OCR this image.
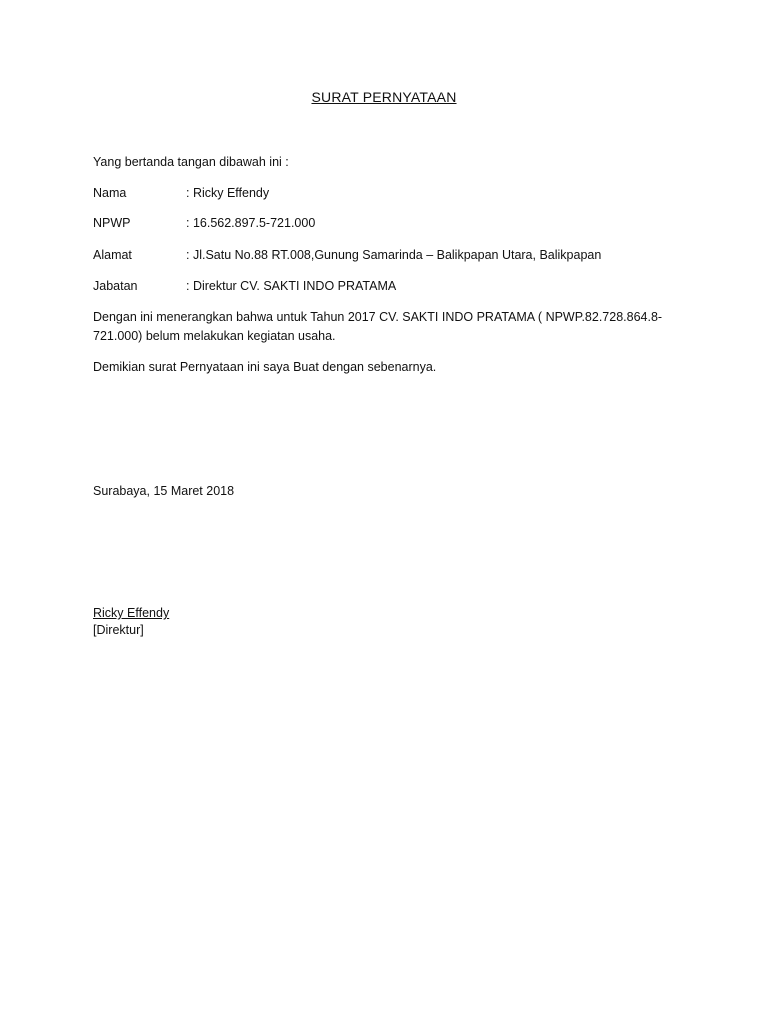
SURAT PERNYATAAN
Yang bertanda tangan dibawah ini :
Nama	: Ricky Effendy
NPWP	: 16.562.897.5-721.000
Alamat	: Jl.Satu No.88 RT.008,Gunung Samarinda – Balikpapan Utara, Balikpapan
Jabatan	: Direktur CV. SAKTI INDO PRATAMA
Dengan ini menerangkan bahwa untuk Tahun 2017 CV. SAKTI INDO PRATAMA ( NPWP.82.728.864.8-
721.000) belum melakukan kegiatan usaha.
Demikian surat Pernyataan ini saya Buat dengan sebenarnya.
Surabaya, 15 Maret 2018
Ricky Effendy
[Direktur]
